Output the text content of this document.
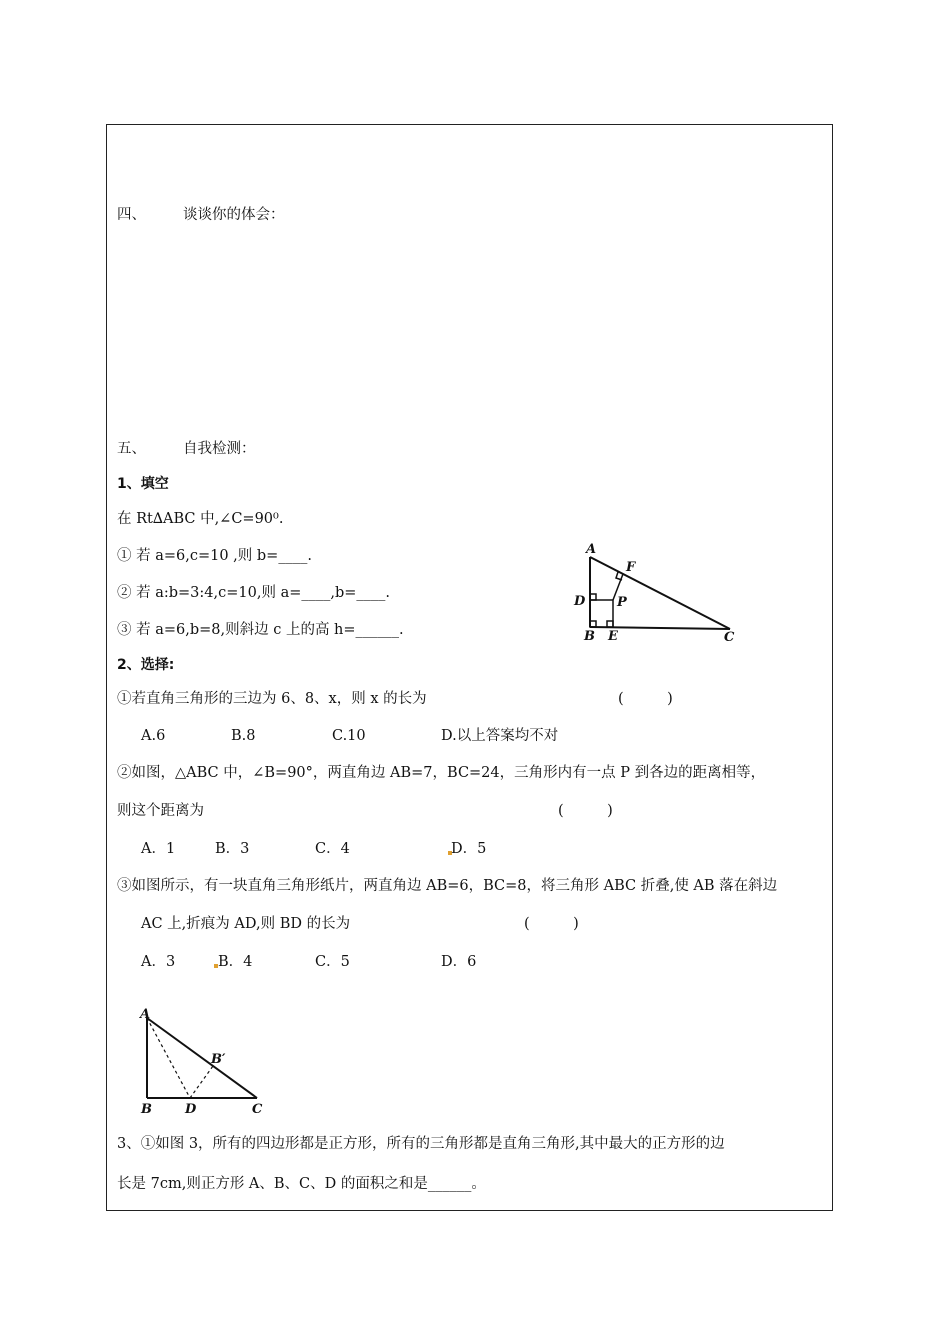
四、	谈谈你的体会：
五、	自我检测：
1、填空
在 Rt∆ABC 中,∠C=90⁰.
① 若 a=6,c=10 ,则 b=____.
② 若 a:b=3:4,c=10,则 a=____,b=____.
③ 若 a=6,b=8,则斜边 c 上的高 h=______.
A
F
D P
B E	C
2、选择:
①若直角三角形的三边为 6、8、x，则 x 的长为	(　　　)
A.6	B.8	C.10	D.以上答案均不对
②如图，△ABC 中，∠B=90°，两直角边 AB=7，BC=24，三角形内有一点 P 到各边的距离相等，
则这个距离为	(　　　)
A．1	B．3	C．4	D．5
③如图所示，有一块直角三角形纸片，两直角边 AB=6，BC=8，将三角形 ABC 折叠,使 AB 落在斜边
AC 上,折痕为 AD,则 BD 的长为	(　　　)
A．3	B．4	C．5	D．6
A
B′
B	D	C
3、①如图 3，所有的四边形都是正方形，所有的三角形都是直角三角形,其中最大的正方形的边
长是 7cm,则正方形 A、B、C、D 的面积之和是______。
